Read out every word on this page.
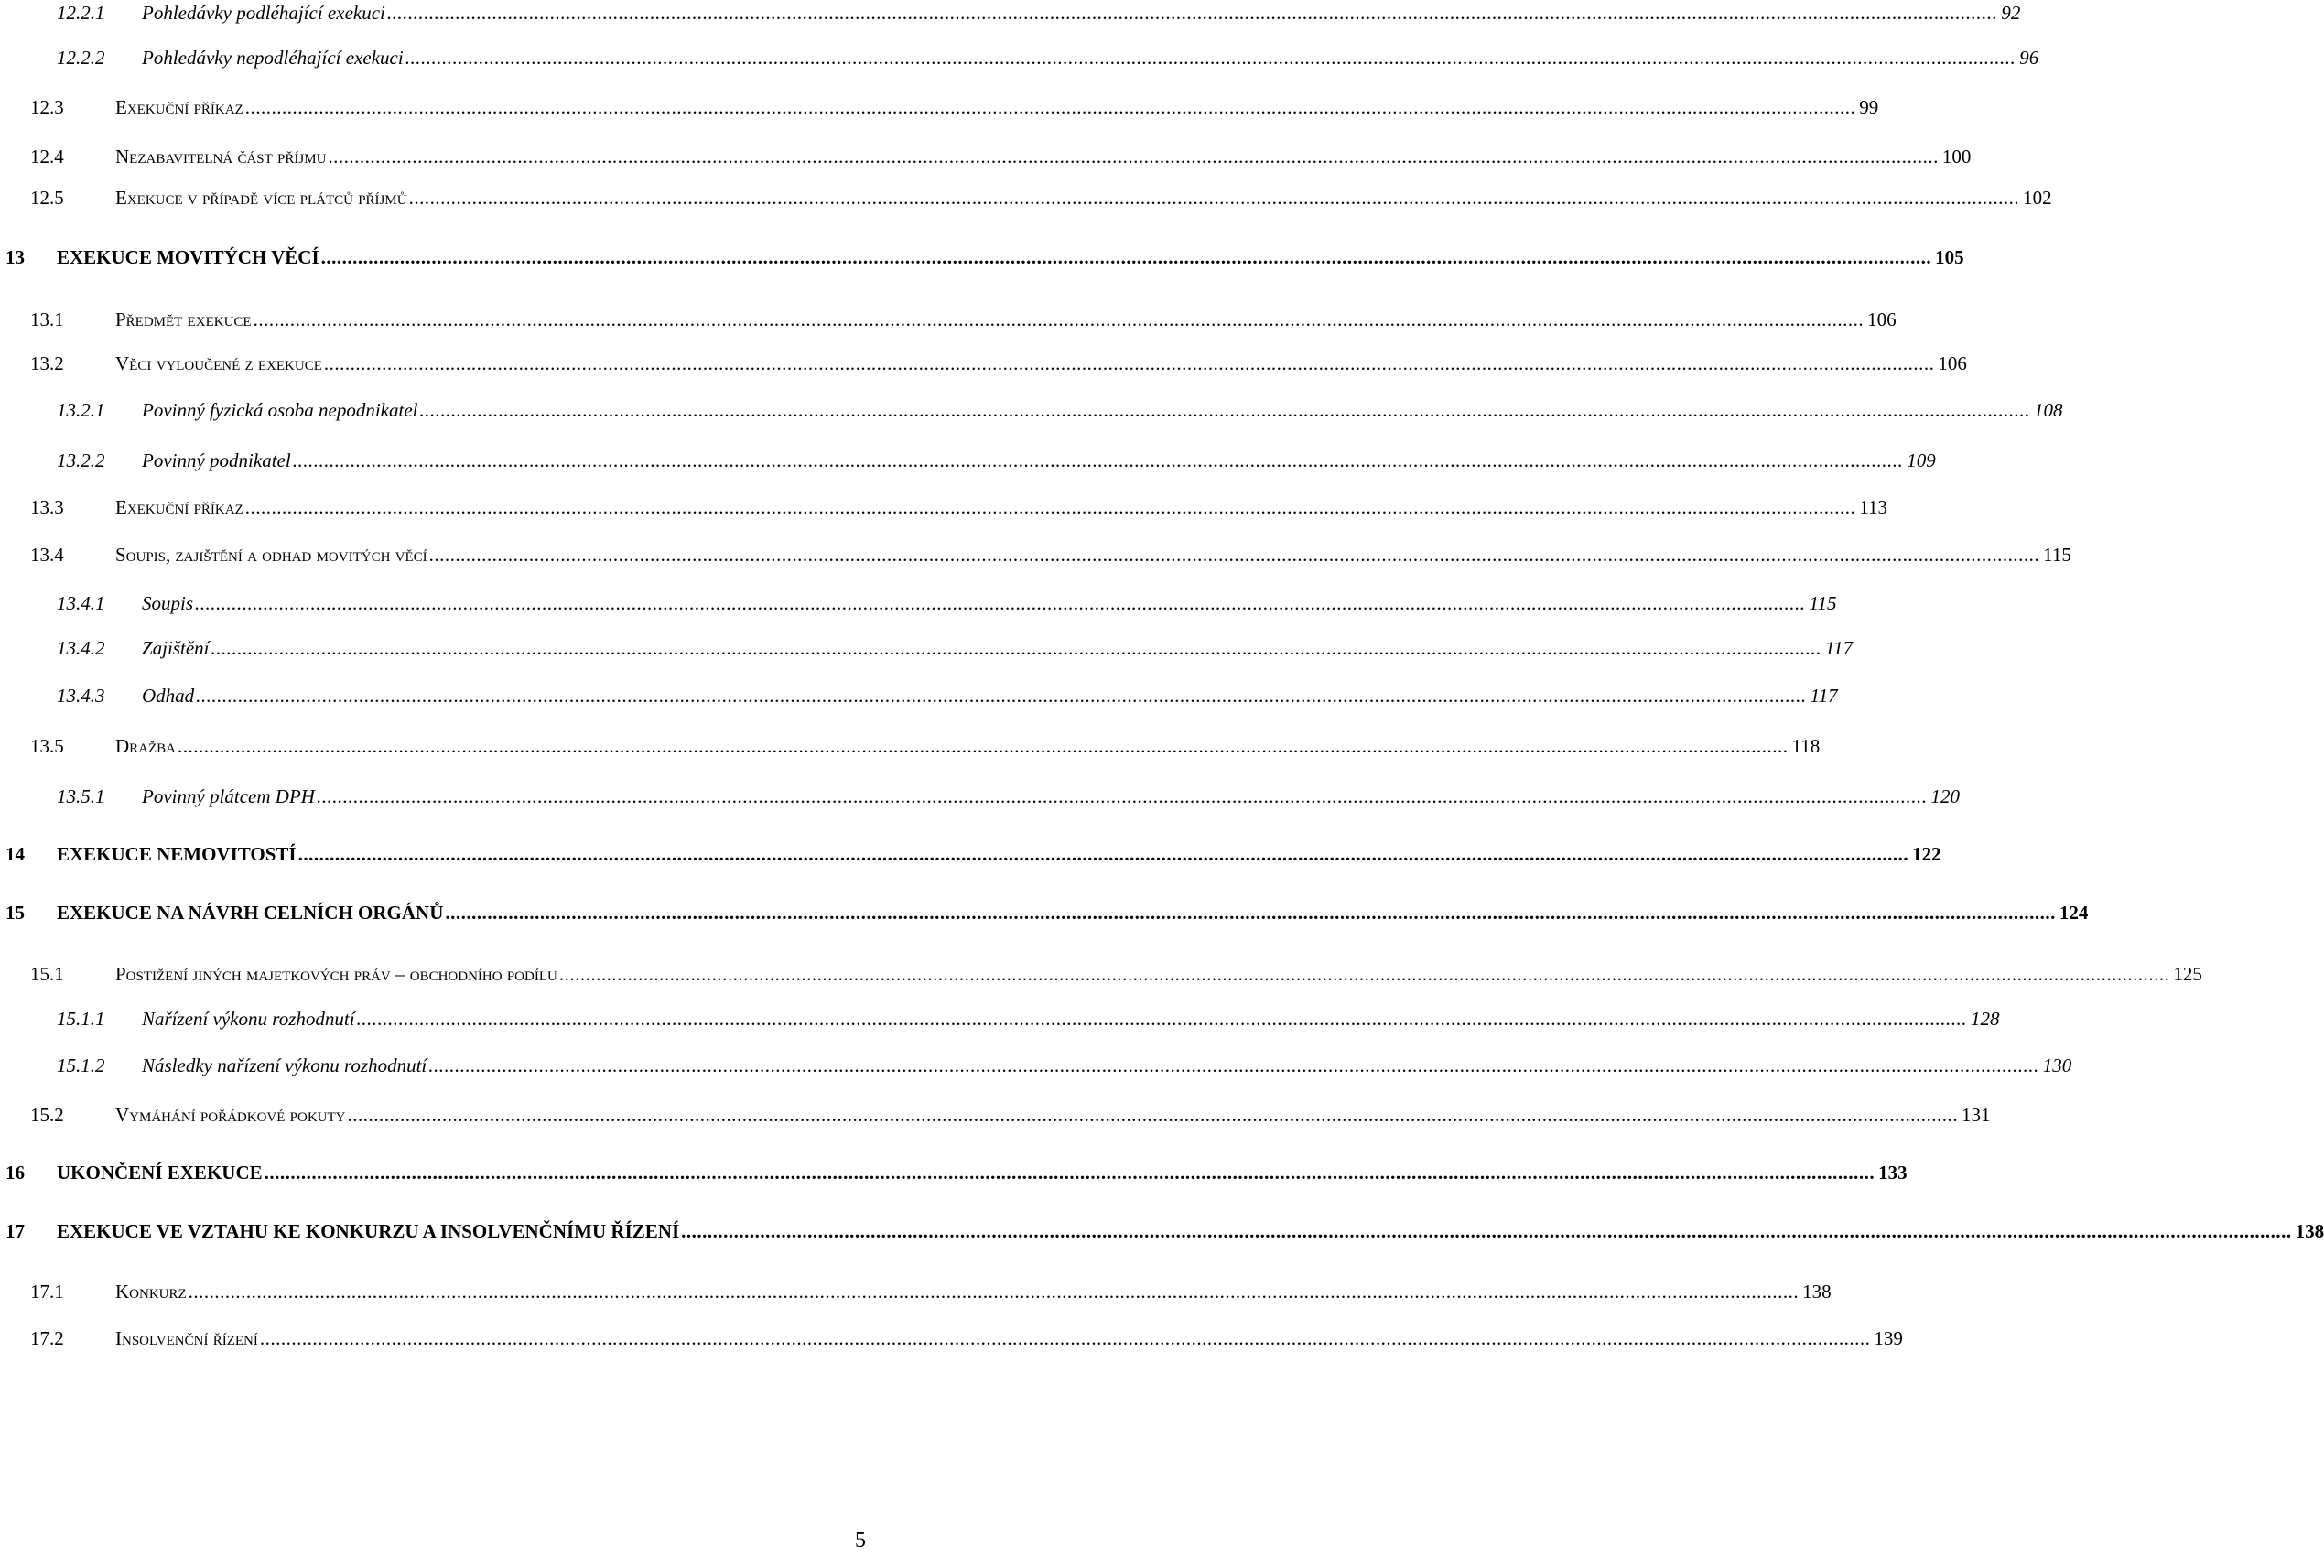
12.2.1	Pohledávky podléhající exekuci .....	92
12.2.2	Pohledávky nepodléhající exekuci .....	96
12.3	Exekuční příkaz .....	99
12.4	Nezabavitelná část příjmu .....	100
12.5	Exekuce v případě více plátců příjmů .....	102
13	EXEKUCE MOVITÝCH VĚCÍ .....	105
13.1	Předmět exekuce .....	106
13.2	Věci vyloučené z exekuce .....	106
13.2.1	Povinný fyzická osoba nepodnikatel .....	108
13.2.2	Povinný podnikatel .....	109
13.3	Exekuční příkaz .....	113
13.4	Soupis, zajištění a odhad movitých věcí .....	115
13.4.1	Soupis .....	115
13.4.2	Zajištění .....	117
13.4.3	Odhad .....	117
13.5	Dražba .....	118
13.5.1	Povinný plátcem DPH .....	120
14	EXEKUCE NEMOVITOSTÍ .....	122
15	EXEKUCE NA NÁVRH CELNÍCH ORGÁNŮ .....	124
15.1	Postižení jiných majetkových práv – obchodního podílu .....	125
15.1.1	Nařízení výkonu rozhodnutí .....	128
15.1.2	Následky nařízení výkonu rozhodnutí .....	130
15.2	Vymáhání pořádkové pokuty .....	131
16	UKONČENÍ EXEKUCE .....	133
17	EXEKUCE VE VZTAHU KE KONKURZU A INSOLVENČNÍMU ŘÍZENÍ .....	138
17.1	Konkurz .....	138
17.2	Insolvenční řízení .....	139
5
